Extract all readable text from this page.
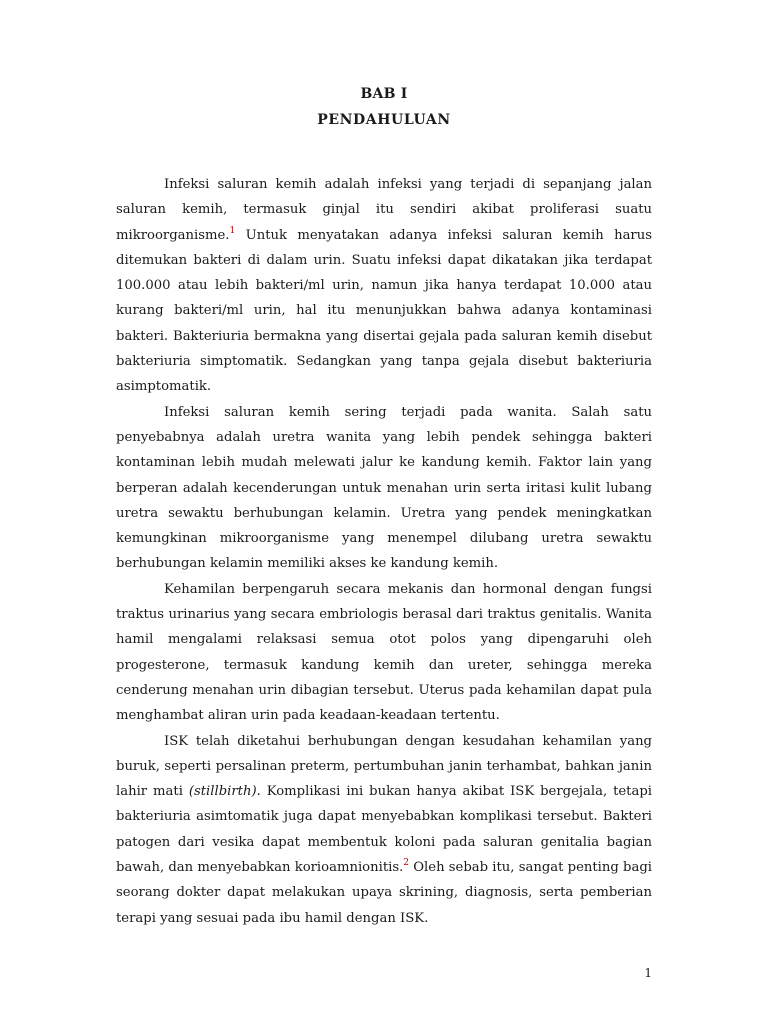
BAB I
PENDAHULUAN

Infeksi saluran kemih adalah infeksi yang terjadi di sepanjang jalan saluran kemih, termasuk ginjal itu sendiri akibat proliferasi suatu mikroorganisme.$^1$ Untuk menyatakan adanya infeksi saluran kemih harus ditemukan bakteri di dalam urin. Suatu infeksi dapat dikatakan jika terdapat 100.000 atau lebih bakteri/ml urin, namun jika hanya terdapat 10.000 atau kurang bakteri/ml urin, hal itu menunjukkan bahwa adanya kontaminasi bakteri. Bakteriuria bermakna yang disertai gejala pada saluran kemih disebut bakteriuria simptomatik. Sedangkan yang tanpa gejala disebut bakteriuria asimptomatik.

Infeksi saluran kemih sering terjadi pada wanita. Salah satu penyebabnya adalah uretra wanita yang lebih pendek sehingga bakteri kontaminan lebih mudah melewati jalur ke kandung kemih. Faktor lain yang berperan adalah kecenderungan untuk menahan urin serta iritasi kulit lubang uretra sewaktu berhubungan kelamin. Uretra yang pendek meningkatkan kemungkinan mikroorganisme yang menempel dilubang uretra sewaktu berhubungan kelamin memiliki akses ke kandung kemih.

Kehamilan berpengaruh secara mekanis dan hormonal dengan fungsi traktus urinarius yang secara embriologis berasal dari traktus genitalis. Wanita hamil mengalami relaksasi semua otot polos yang dipengaruhi oleh progesterone, termasuk kandung kemih dan ureter, sehingga mereka cenderung menahan urin dibagian tersebut. Uterus pada kehamilan dapat pula menghambat aliran urin pada keadaan-keadaan tertentu.

ISK telah diketahui berhubungan dengan kesudahan kehamilan yang buruk, seperti persalinan preterm, pertumbuhan janin terhambat, bahkan janin lahir mati (stillbirth). Komplikasi ini bukan hanya akibat ISK bergejala, tetapi bakteriuria asimtomatik juga dapat menyebabkan komplikasi tersebut. Bakteri patogen dari vesika dapat membentuk koloni pada saluran genitalia bagian bawah, dan menyebabkan korioamnionitis.$^2$ Oleh sebab itu, sangat penting bagi seorang dokter dapat melakukan upaya skrining, diagnosis, serta pemberian terapi yang sesuai pada ibu hamil dengan ISK.

1
